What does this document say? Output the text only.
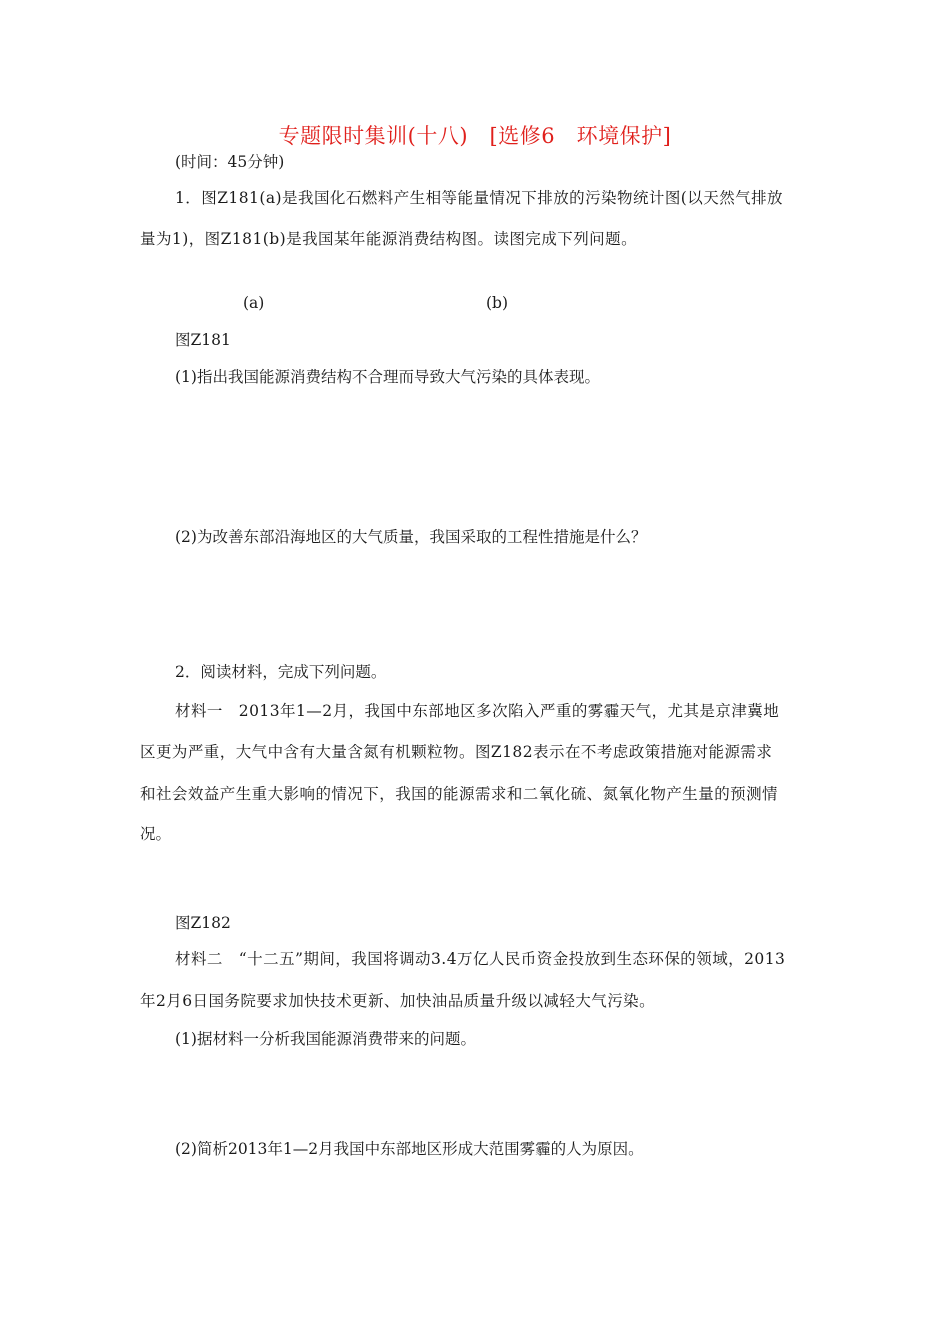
专题限时集训(十八)　[选修6　环境保护]
(时间：45分钟)
1．图Z181(a)是我国化石燃料产生相等能量情况下排放的污染物统计图(以天然气排放
量为1)，图Z181(b)是我国某年能源消费结构图。读图完成下列问题。
(a)	(b)
图Z181
(1)指出我国能源消费结构不合理而导致大气污染的具体表现。
(2)为改善东部沿海地区的大气质量，我国采取的工程性措施是什么？
2．阅读材料，完成下列问题。
材料一　2013年1—2月，我国中东部地区多次陷入严重的雾霾天气，尤其是京津冀地
区更为严重，大气中含有大量含氮有机颗粒物。图Z182表示在不考虑政策措施对能源需求
和社会效益产生重大影响的情况下，我国的能源需求和二氧化硫、氮氧化物产生量的预测情
况。
图Z182
材料二　“十二五”期间，我国将调动3.4万亿人民币资金投放到生态环保的领域，2013
年2月6日国务院要求加快技术更新、加快油品质量升级以减轻大气污染。
(1)据材料一分析我国能源消费带来的问题。
(2)简析2013年1—2月我国中东部地区形成大范围雾霾的人为原因。
